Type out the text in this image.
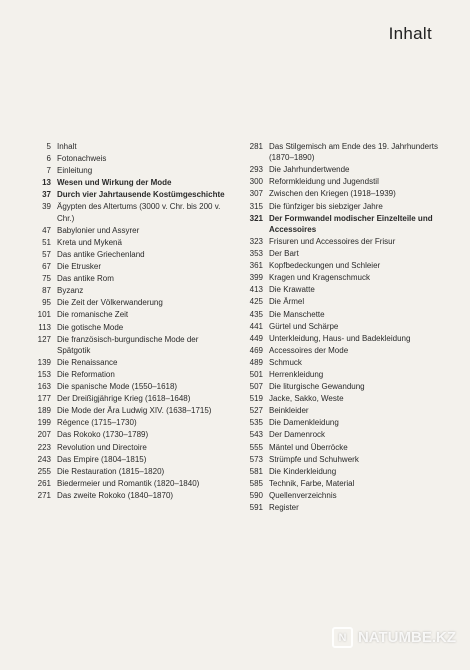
Inhalt
5 Inhalt
6 Fotonachweis
7 Einleitung
13 Wesen und Wirkung der Mode
37 Durch vier Jahrtausende Kostümgeschichte
39 Ägypten des Altertums (3000 v. Chr. bis 200 v. Chr.)
47 Babylonier und Assyrer
51 Kreta und Mykenä
57 Das antike Griechenland
67 Die Etrusker
75 Das antike Rom
87 Byzanz
95 Die Zeit der Völkerwanderung
101 Die romanische Zeit
113 Die gotische Mode
127 Die französisch-burgundische Mode der Spätgotik
139 Die Renaissance
153 Die Reformation
163 Die spanische Mode (1550–1618)
177 Der Dreißigjährige Krieg (1618–1648)
189 Die Mode der Ära Ludwig XIV. (1638–1715)
199 Régence (1715–1730)
207 Das Rokoko (1730–1789)
223 Revolution und Directoire
243 Das Empire (1804–1815)
255 Die Restauration (1815–1820)
261 Biedermeier und Romantik (1820–1840)
271 Das zweite Rokoko (1840–1870)
281 Das Stilgemisch am Ende des 19. Jahrhunderts (1870–1890)
293 Die Jahrhundertwende
300 Reformkleidung und Jugendstil
307 Zwischen den Kriegen (1918–1939)
315 Die fünfziger bis siebziger Jahre
321 Der Formwandel modischer Einzelteile und Accessoires
323 Frisuren und Accessoires der Frisur
353 Der Bart
361 Kopfbedeckungen und Schleier
399 Kragen und Kragenschmuck
413 Die Krawatte
425 Die Ärmel
435 Die Manschette
441 Gürtel und Schärpe
449 Unterkleidung, Haus- und Badekleidung
469 Accessoires der Mode
489 Schmuck
501 Herrenkleidung
507 Die liturgische Gewandung
519 Jacke, Sakko, Weste
527 Beinkleider
535 Die Damenkleidung
543 Der Damenrock
555 Mäntel und Überröcke
573 Strümpfe und Schuhwerk
581 Die Kinderkleidung
585 Technik, Farbe, Material
590 Quellenverzeichnis
591 Register
N NATUMBE.KZ
